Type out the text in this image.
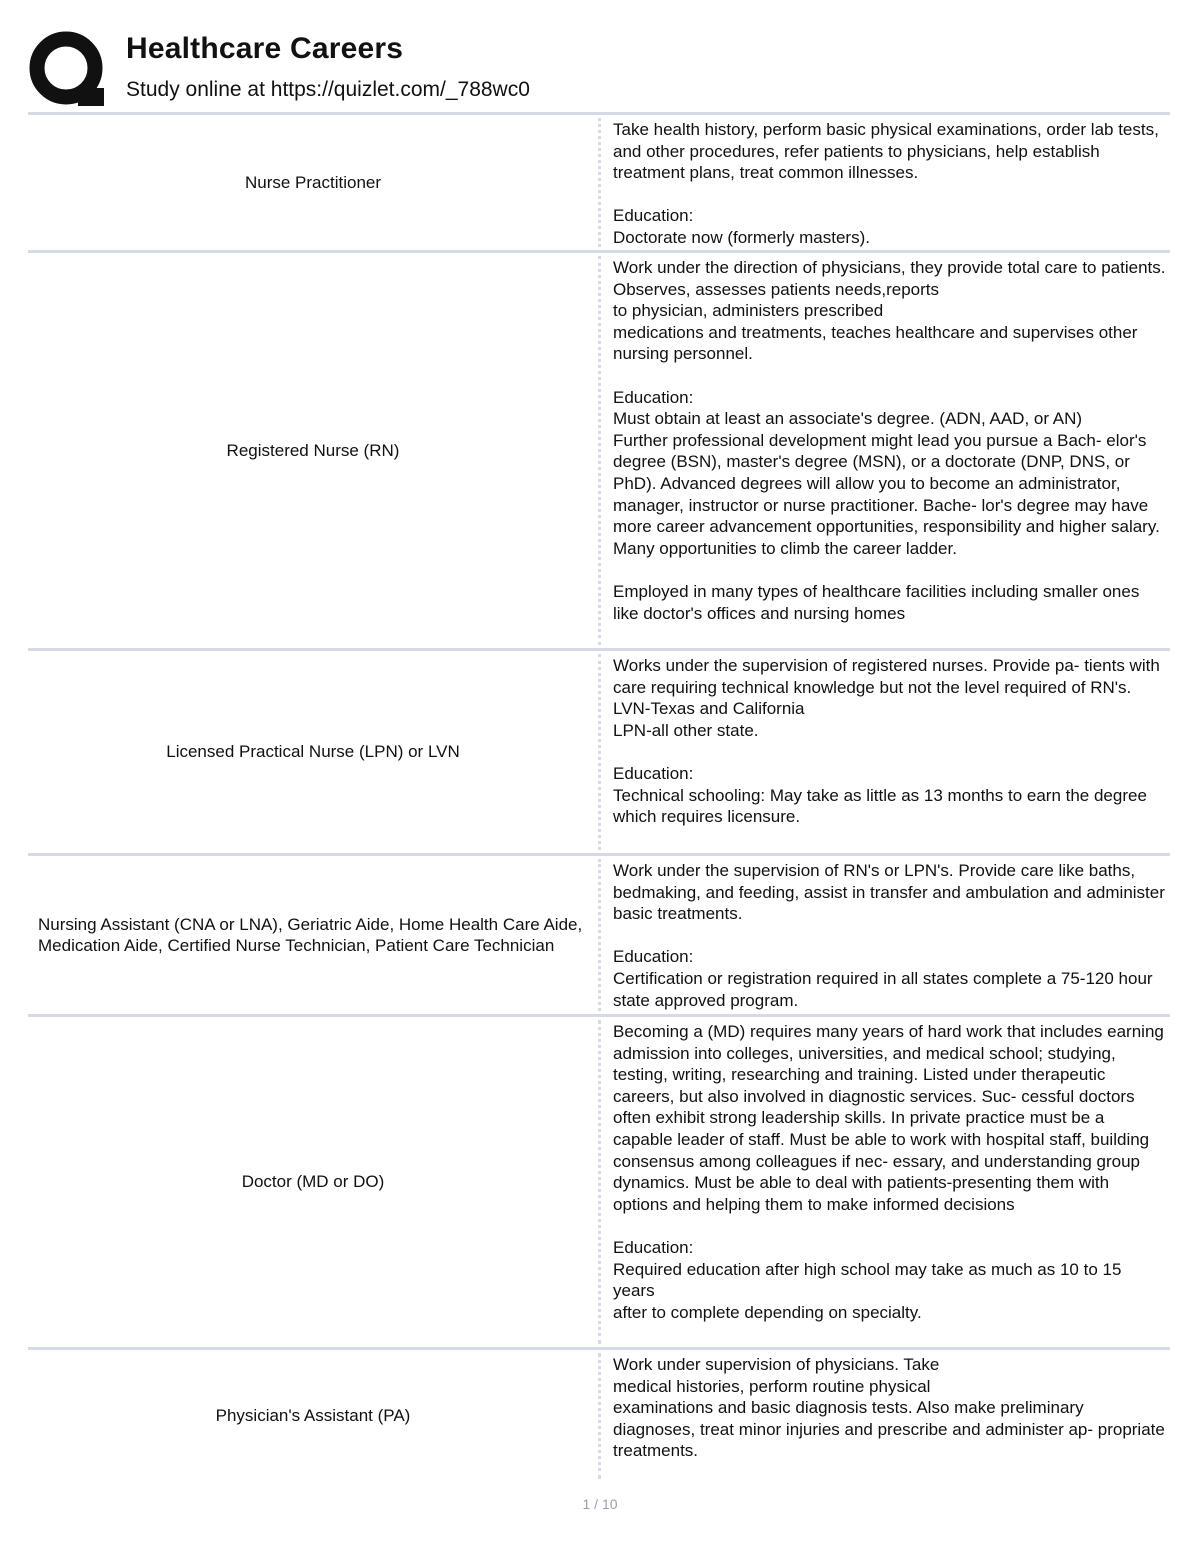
Healthcare Careers
Study online at https://quizlet.com/_788wc0
Nurse Practitioner
Take health history, perform basic physical examinations, order lab tests, and other procedures, refer patients to physicians, help establish treatment plans, treat common illnesses.

Education:
Doctorate now (formerly masters).
Registered Nurse (RN)
Work under the direction of physicians, they provide total care to patients. Observes, assesses patients needs,reports
to physician, administers prescribed
medications and treatments, teaches healthcare and supervises other nursing personnel.

Education:
Must obtain at least an associate's degree. (ADN, AAD, or AN)
Further professional development might lead you pursue a Bach- elor's degree (BSN), master's degree (MSN), or a doctorate (DNP, DNS, or PhD). Advanced degrees will allow you to become an administrator, manager, instructor or nurse practitioner. Bache- lor's degree may have more career advancement opportunities, responsibility and higher salary. Many opportunities to climb the career ladder.

Employed in many types of healthcare facilities including smaller ones like doctor's offices and nursing homes
Licensed Practical Nurse (LPN) or LVN
Works under the supervision of registered nurses. Provide pa- tients with care requiring technical knowledge but not the level required of RN's.
LVN-Texas and California
LPN-all other state.

Education:
Technical schooling: May take as little as 13 months to earn the degree which requires licensure.
Nursing Assistant (CNA or LNA), Geriatric Aide, Home Health Care Aide, Medication Aide, Certified Nurse Technician, Patient Care Technician
Work under the supervision of RN's or LPN's. Provide care like baths, bedmaking, and feeding, assist in transfer and ambulation and administer basic treatments.

Education:
Certification or registration required in all states complete a 75-120 hour state approved program.
Doctor (MD or DO)
Becoming a (MD) requires many years of hard work that includes earning admission into colleges, universities, and medical school; studying, testing, writing, researching and training. Listed under therapeutic careers, but also involved in diagnostic services. Suc- cessful doctors often exhibit strong leadership skills. In private practice must be a capable leader of staff. Must be able to work with hospital staff, building consensus among colleagues if nec- essary, and understanding group dynamics. Must be able to deal with patients-presenting them with options and helping them to make informed decisions

Education:
Required education after high school may take as much as 10 to 15 years
after to complete depending on specialty.
Physician's Assistant (PA)
Work under supervision of physicians. Take
medical histories, perform routine physical
examinations and basic diagnosis tests. Also make preliminary diagnoses, treat minor injuries and prescribe and administer ap- propriate treatments.
1 / 10
